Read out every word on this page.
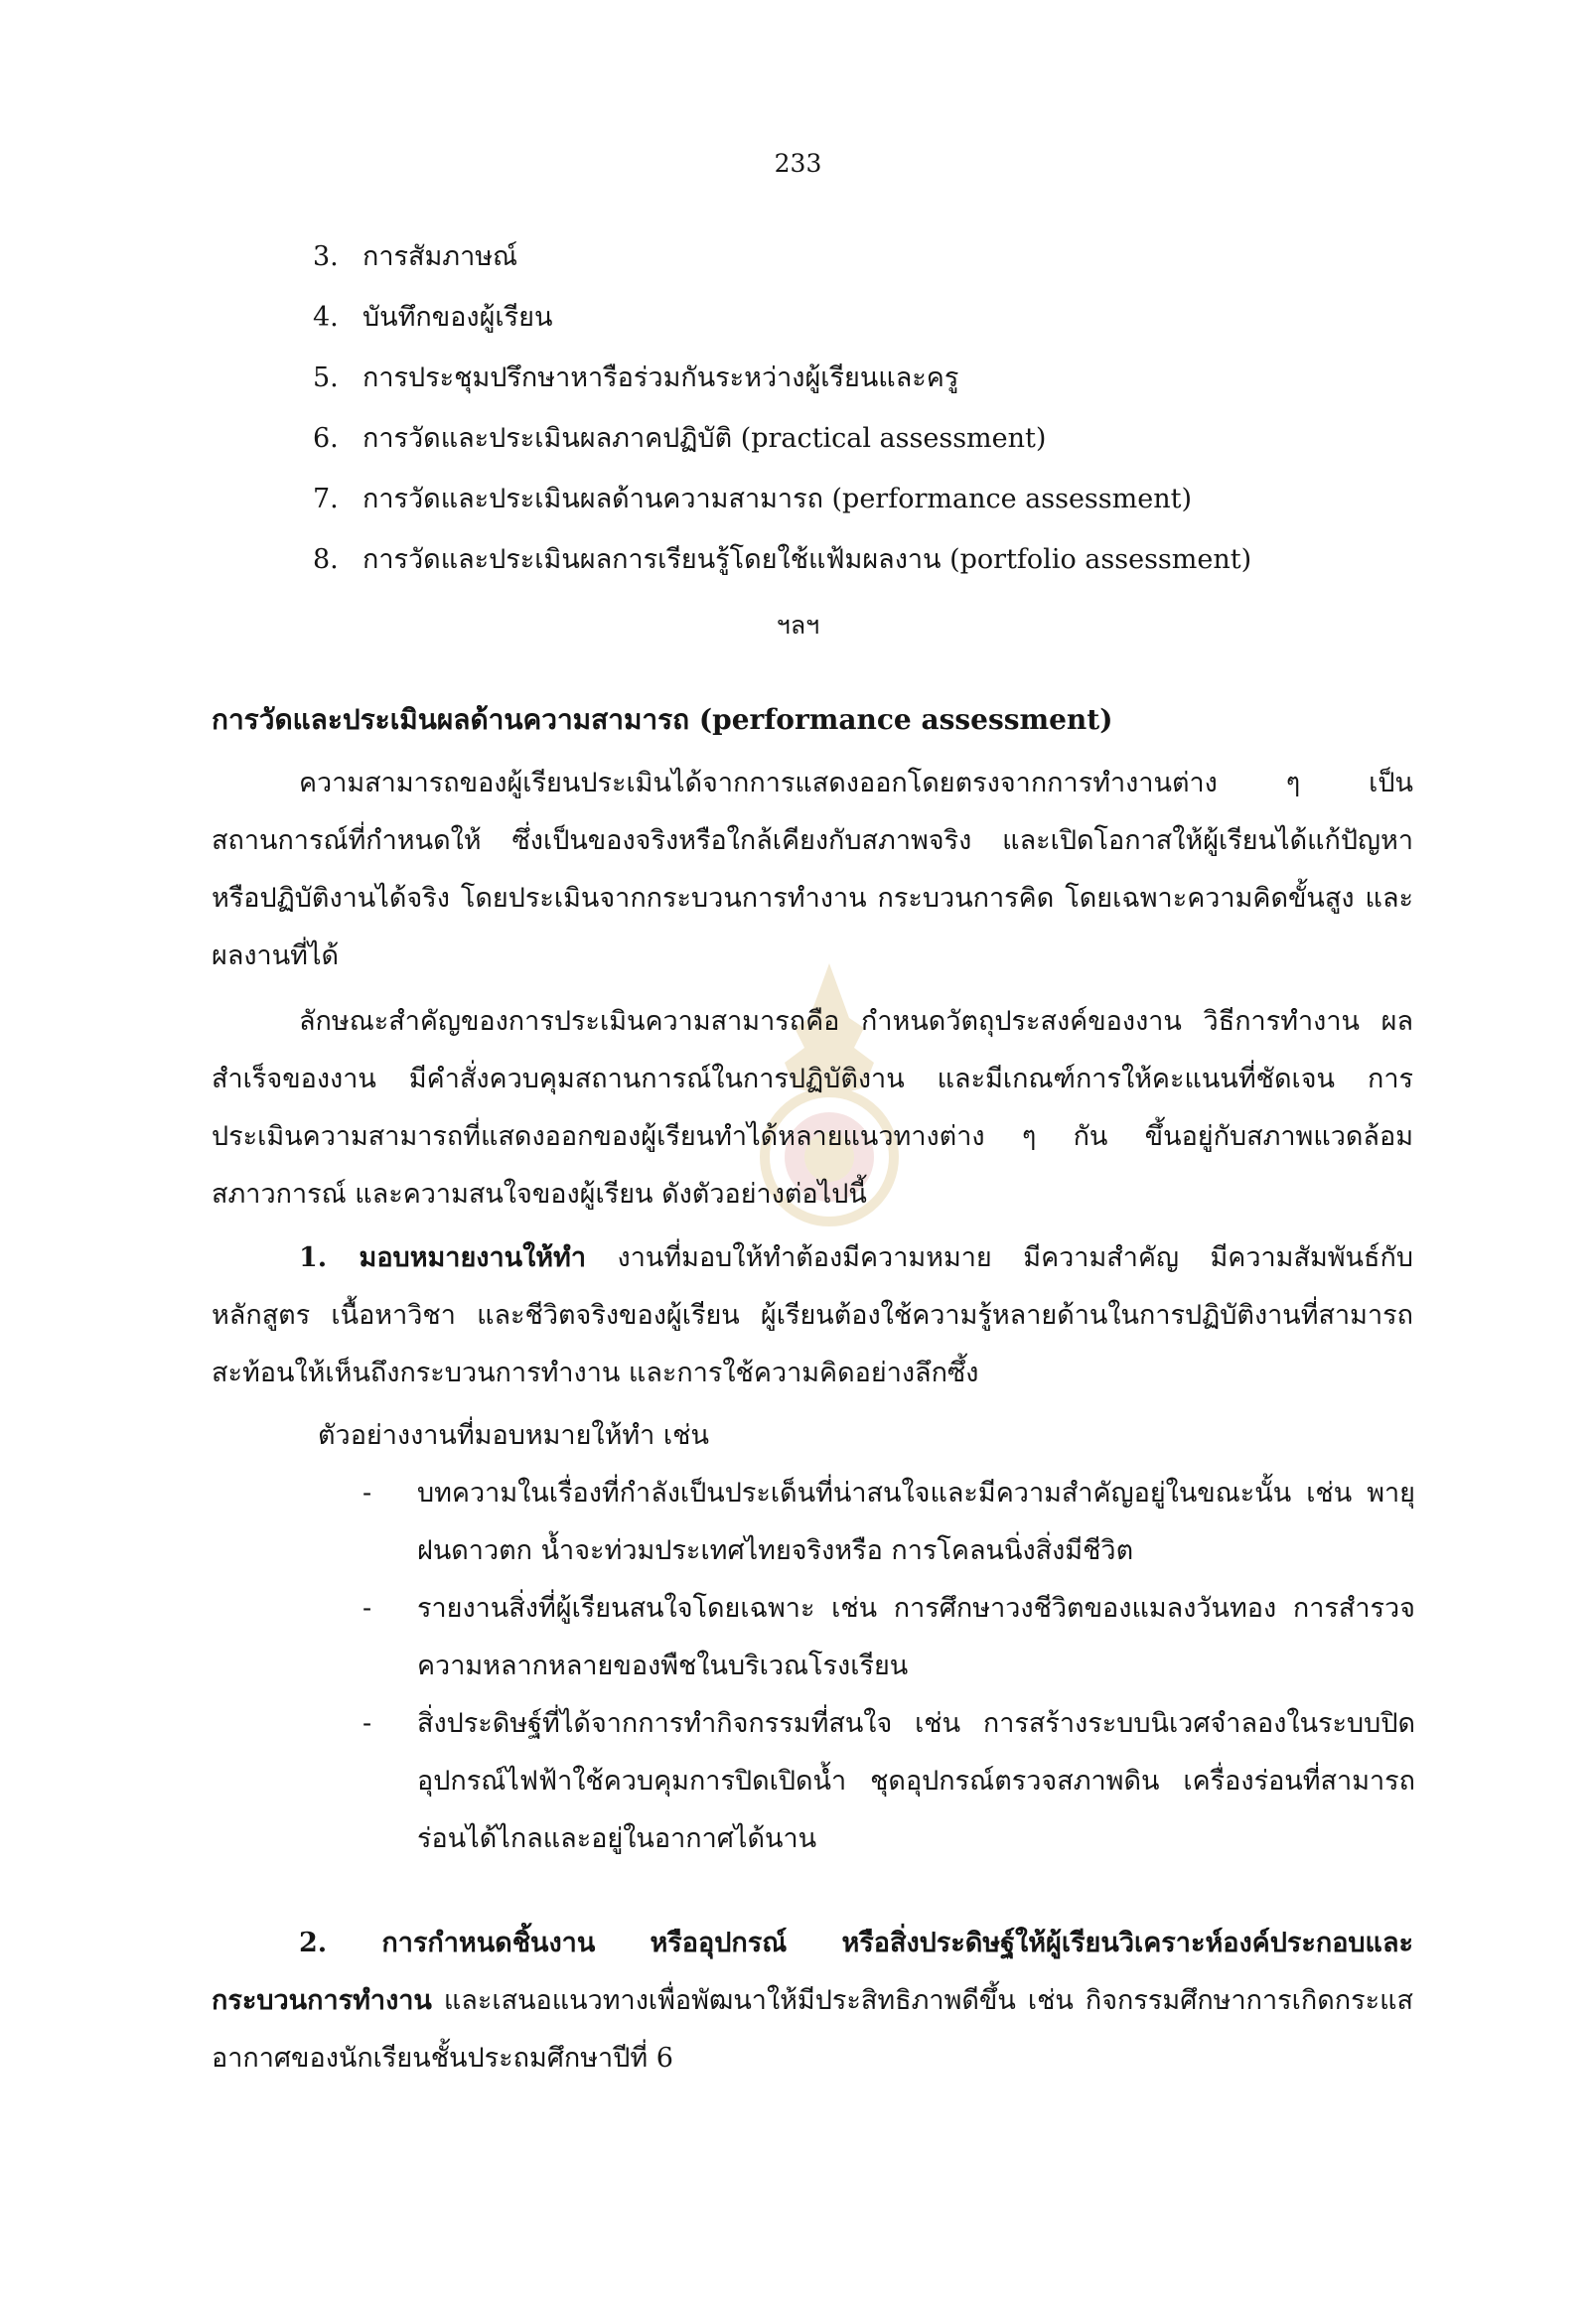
233
3. การสัมภาษณ์
4. บันทึกของผู้เรียน
5. การประชุมปรึกษาหารือร่วมกันระหว่างผู้เรียนและครู
6. การวัดและประเมินผลภาคปฏิบัติ (practical assessment)
7. การวัดและประเมินผลด้านความสามารถ (performance assessment)
8. การวัดและประเมินผลการเรียนรู้โดยใช้แฟ้มผลงาน (portfolio assessment)
ฯลฯ
การวัดและประเมินผลด้านความสามารถ (performance assessment)

ความสามารถของผู้เรียนประเมินได้จากการแสดงออกโดยตรงจากการทำงานต่าง ๆ เป็นสถานการณ์ที่กำหนดให้ ซึ่งเป็นของจริงหรือใกล้เคียงกับสภาพจริง และเปิดโอกาสให้ผู้เรียนได้แก้ปัญหาหรือปฏิบัติงานได้จริง โดยประเมินจากกระบวนการทำงาน กระบวนการคิด โดยเฉพาะความคิดขั้นสูง และผลงานที่ได้

ลักษณะสำคัญของการประเมินความสามารถคือ กำหนดวัตถุประสงค์ของงาน วิธีการทำงาน ผลสำเร็จของงาน มีคำสั่งควบคุมสถานการณ์ในการปฏิบัติงาน และมีเกณฑ์การให้คะแนนที่ชัดเจน การประเมินความสามารถที่แสดงออกของผู้เรียนทำได้หลายแนวทางต่าง ๆ กัน ขึ้นอยู่กับสภาพแวดล้อม สภาวการณ์ และความสนใจของผู้เรียน ดังตัวอย่างต่อไปนี้

1. มอบหมายงานให้ทำ งานที่มอบให้ทำต้องมีความหมาย มีความสำคัญ มีความสัมพันธ์กับหลักสูตร เนื้อหาวิชา และชีวิตจริงของผู้เรียน ผู้เรียนต้องใช้ความรู้หลายด้านในการปฏิบัติงานที่สามารถสะท้อนให้เห็นถึงกระบวนการทำงาน และการใช้ความคิดอย่างลึกซึ้ง

ตัวอย่างงานที่มอบหมายให้ทำ เช่น
- บทความในเรื่องที่กำลังเป็นประเด็นที่น่าสนใจและมีความสำคัญอยู่ในขณะนั้น เช่น พายุฝนดาวตก น้ำจะท่วมประเทศไทยจริงหรือ การโคลนนิ่งสิ่งมีชีวิต
- รายงานสิ่งที่ผู้เรียนสนใจโดยเฉพาะ เช่น การศึกษาวงชีวิตของแมลงวันทอง การสำรวจความหลากหลายของพืชในบริเวณโรงเรียน
- สิ่งประดิษฐ์ที่ได้จากการทำกิจกรรมที่สนใจ เช่น การสร้างระบบนิเวศจำลองในระบบปิด อุปกรณ์ไฟฟ้าใช้ควบคุมการปิดเปิดน้ำ ชุดอุปกรณ์ตรวจสภาพดิน เครื่องร่อนที่สามารถร่อนได้ไกลและอยู่ในอากาศได้นาน

2. การกำหนดชิ้นงาน หรืออุปกรณ์ หรือสิ่งประดิษฐ์ให้ผู้เรียนวิเคราะห์องค์ประกอบและกระบวนการทำงาน และเสนอแนวทางเพื่อพัฒนาให้มีประสิทธิภาพดีขึ้น เช่น กิจกรรมศึกษาการเกิดกระแสอากาศของนักเรียนชั้นประถมศึกษาปีที่ 6
